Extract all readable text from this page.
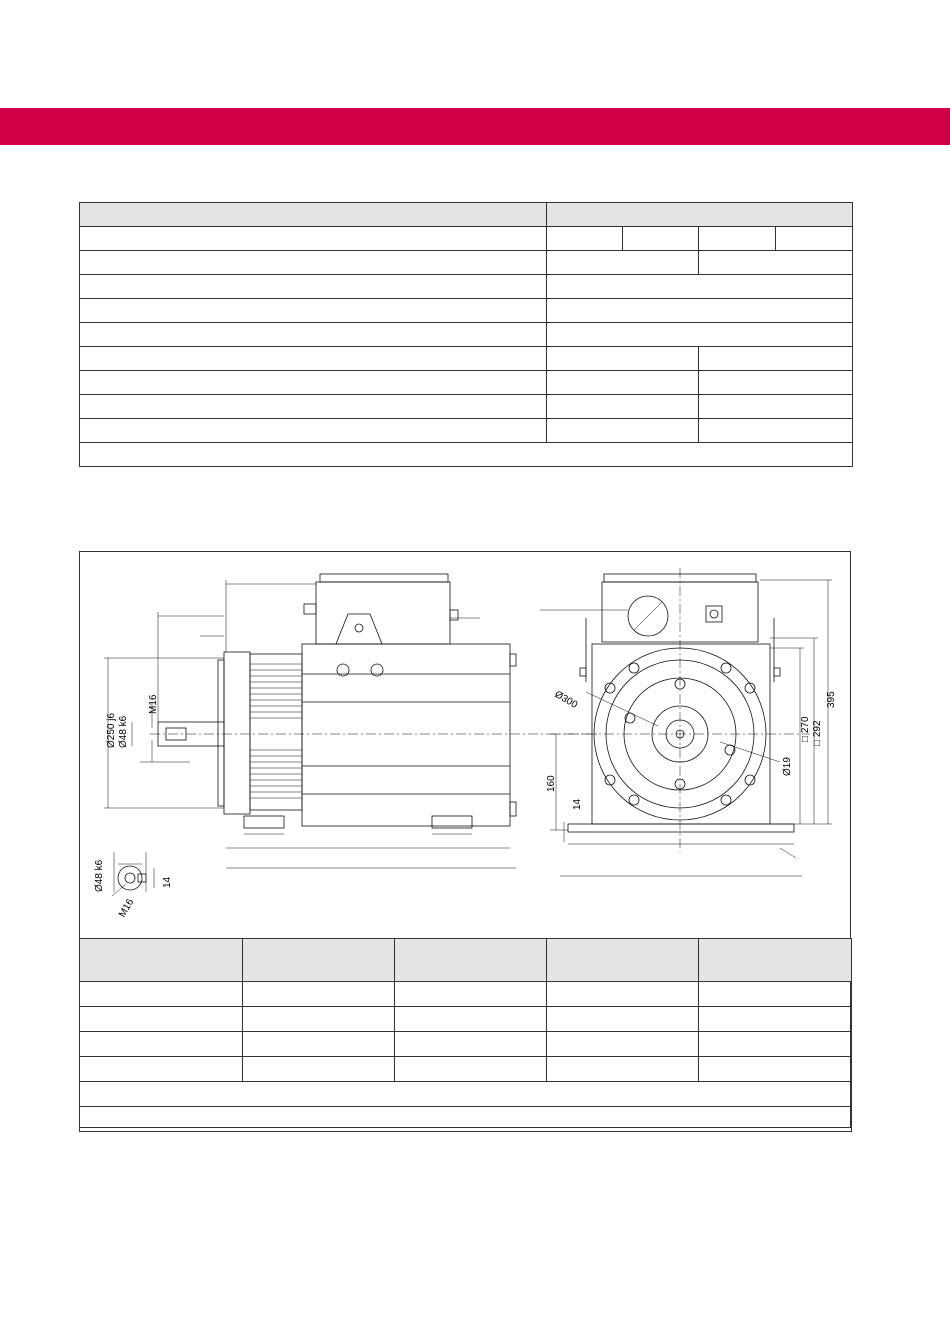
M16
Ø250 j6 Ø48 k6
Ø48 k6
M16
14
Ø300
160
14
□ 270 □ 292
395
Ø19
